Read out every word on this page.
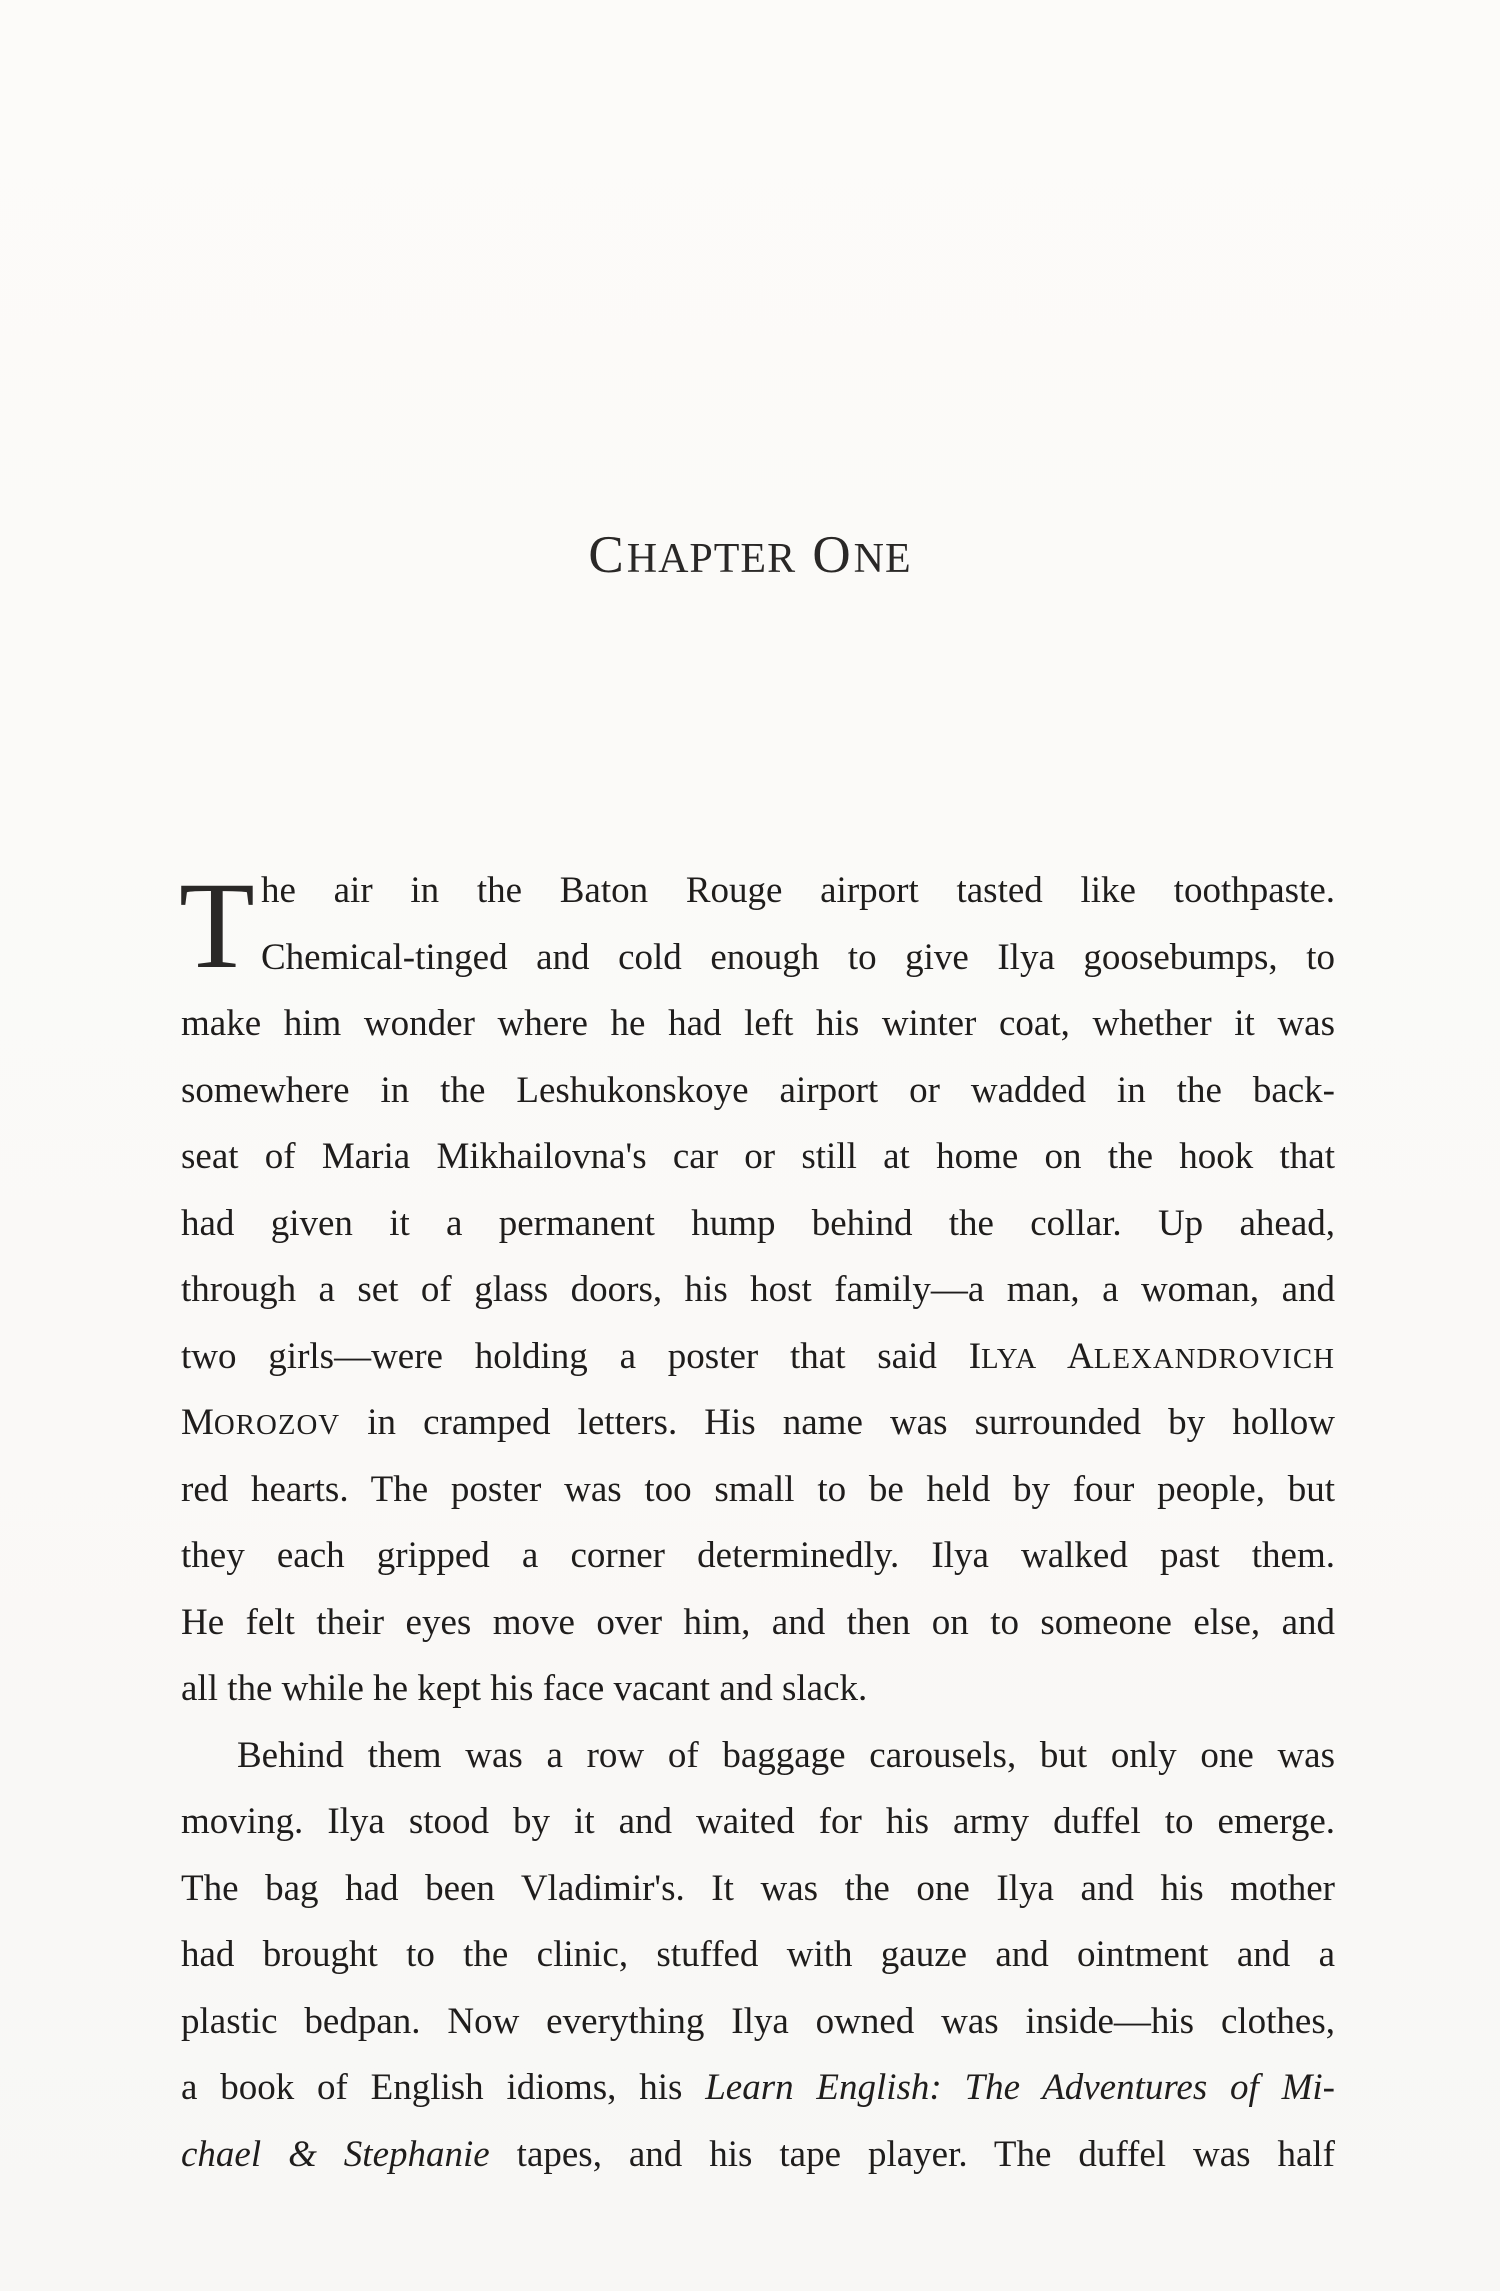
CHAPTER ONE
T he air in the Baton Rouge airport tasted like toothpaste.
Chemical-tinged and cold enough to give Ilya goosebumps, to
make him wonder where he had left his winter coat, whether it was
somewhere in the Leshukonskoye airport or wadded in the back-
seat of Maria Mikhailovna's car or still at home on the hook that
had given it a permanent hump behind the collar. Up ahead,
through a set of glass doors, his host family—a man, a woman, and
two girls—were holding a poster that said ILYA ALEXANDROVICH
MOROZOV in cramped letters. His name was surrounded by hollow
red hearts. The poster was too small to be held by four people, but
they each gripped a corner determinedly. Ilya walked past them.
He felt their eyes move over him, and then on to someone else, and
all the while he kept his face vacant and slack.
Behind them was a row of baggage carousels, but only one was
moving. Ilya stood by it and waited for his army duffel to emerge.
The bag had been Vladimir's. It was the one Ilya and his mother
had brought to the clinic, stuffed with gauze and ointment and a
plastic bedpan. Now everything Ilya owned was inside—his clothes,
a book of English idioms, his Learn English: The Adventures of Mi-
chael & Stephanie tapes, and his tape player. The duffel was half
